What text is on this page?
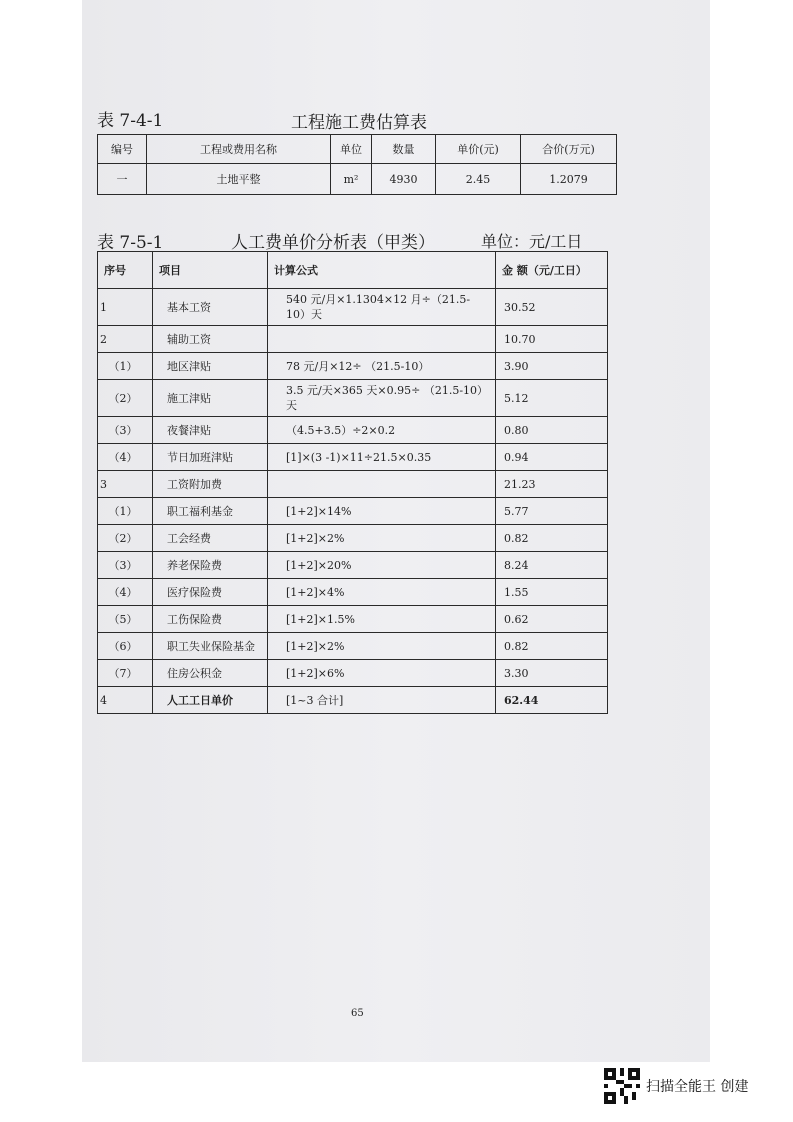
表 7-4-1	工程施工费估算表
编号	工程或费用名称	单位	数量	单价(元)	合价(万元)
一	土地平整	m²	4930	2.45	1.2079
表 7-5-1	人工费单价分析表（甲类）	单位：元/工日
序号	项目	计算公式	金 额（元/工日）
1	基本工资	540 元/月×1.1304×12 月÷（21.5-10）天	30.52
2	辅助工资		10.70
（1）	地区津贴	78 元/月×12÷ （21.5-10）	3.90
（2）	施工津贴	3.5 元/天×365 天×0.95÷ （21.5-10）天	5.12
（3）	夜餐津贴	（4.5+3.5）÷2×0.2	0.80
（4）	节日加班津贴	[1]×(3 -1)×11÷21.5×0.35	0.94
3	工资附加费		21.23
（1）	职工福利基金	[1+2]×14%	5.77
（2）	工会经费	[1+2]×2%	0.82
（3）	养老保险费	[1+2]×20%	8.24
（4）	医疗保险费	[1+2]×4%	1.55
（5）	工伤保险费	[1+2]×1.5%	0.62
（6）	职工失业保险基金	[1+2]×2%	0.82
（7）	住房公积金	[1+2]×6%	3.30
4	人工工日单价	[1~3 合计]	62.44
65
扫描全能王 创建
